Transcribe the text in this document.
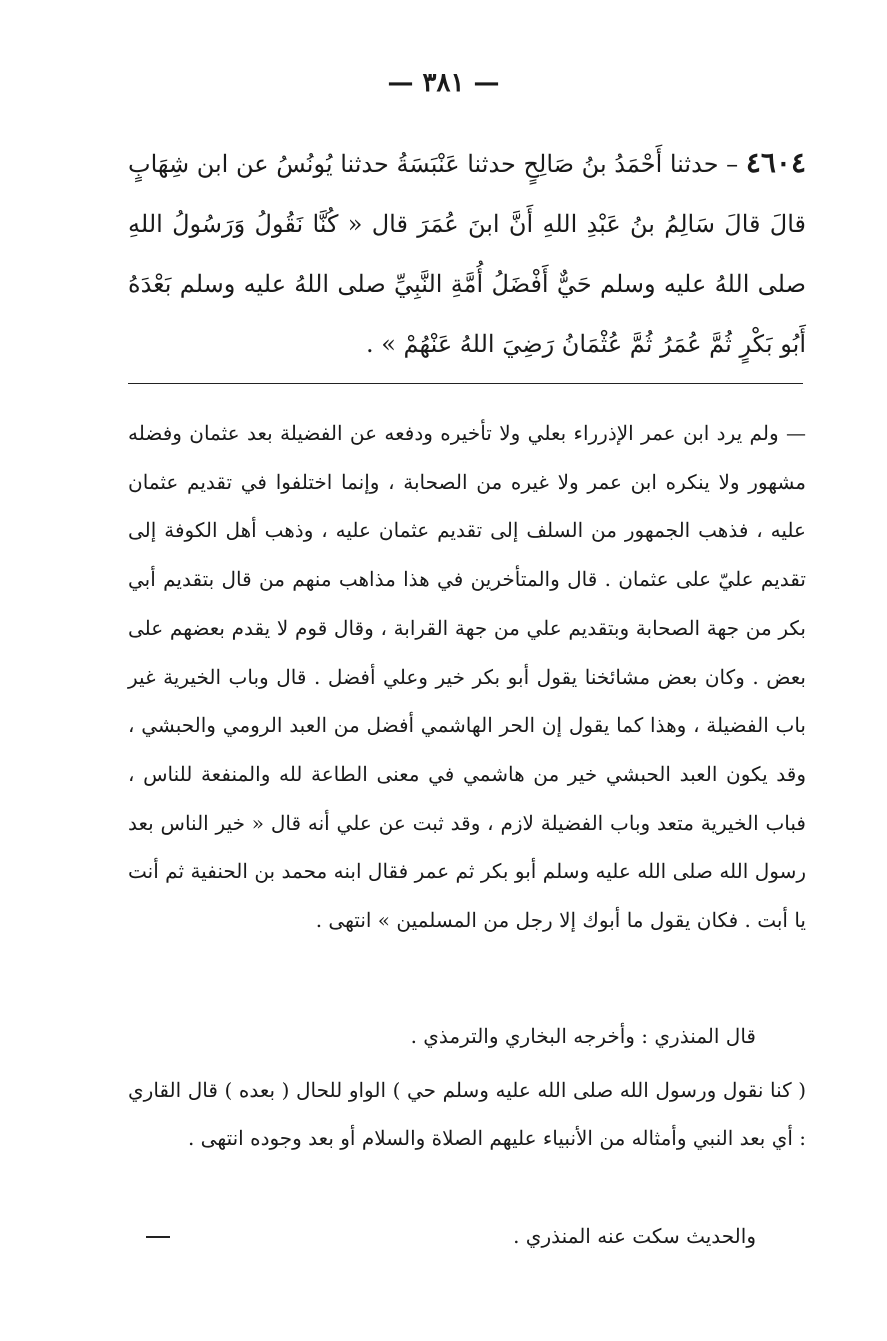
— ٣٨١ —
٤٦٠٤ – حدثنا أَحْمَدُ بنُ صَالِحٍ حدثنا عَنْبَسَةُ حدثنا يُونُسُ عن ابن شِهَابٍ قالَ قالَ سَالِمُ بنُ عَبْدِ اللهِ أَنَّ ابنَ عُمَرَ قال « كُنَّا نَقُولُ وَرَسُولُ اللهِ صلى اللهُ عليه وسلم حَيٌّ أَفْضَلُ أُمَّةِ النَّبِيِّ صلى اللهُ عليه وسلم بَعْدَهُ أَبُو بَكْرٍ ثُمَّ عُمَرُ ثُمَّ عُثْمَانُ رَضِيَ اللهُ عَنْهُمْ » .
— ولم يرد ابن عمر الإذرراء بعلي ولا تأخيره ودفعه عن الفضيلة بعد عثمان وفضله مشهور ولا ينكره ابن عمر ولا غيره من الصحابة ، وإنما اختلفوا في تقديم عثمان عليه ، فذهب الجمهور من السلف إلى تقديم عثمان عليه ، وذهب أهل الكوفة إلى تقديم عليّ على عثمان . قال والمتأخرين في هذا مذاهب منهم من قال بتقديم أبي بكر من جهة الصحابة وبتقديم علي من جهة القرابة ، وقال قوم لا يقدم بعضهم على بعض . وكان بعض مشائخنا يقول أبو بكر خير وعلي أفضل . قال وباب الخيرية غير باب الفضيلة ، وهذا كما يقول إن الحر الهاشمي أفضل من العبد الرومي والحبشي ، وقد يكون العبد الحبشي خير من هاشمي في معنى الطاعة لله والمنفعة للناس ، فباب الخيرية متعد وباب الفضيلة لازم ، وقد ثبت عن علي أنه قال « خير الناس بعد رسول الله صلى الله عليه وسلم أبو بكر ثم عمر فقال ابنه محمد بن الحنفية ثم أنت يا أبت . فكان يقول ما أبوك إلا رجل من المسلمين » انتهى .
قال المنذري : وأخرجه البخاري والترمذي .
( كنا نقول ورسول الله صلى الله عليه وسلم حي ) الواو للحال ( بعده ) قال القاري : أي بعد النبي وأمثاله من الأنبياء عليهم الصلاة والسلام أو بعد وجوده انتهى .
والحديث سكت عنه المنذري .
